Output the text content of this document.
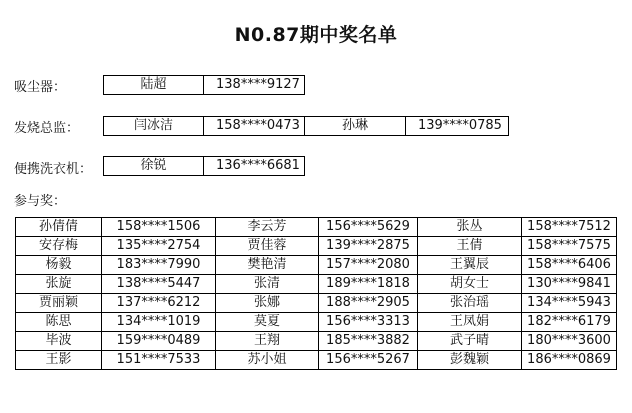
N0.87期中奖名单
吸尘器：	陆超	138****9127
发烧总监：	闫冰洁	158****0473	孙琳	139****0785
便携洗衣机：	徐锐	136****6681
参与奖：
孙倩倩	158****1506	李云芳	156****5629	张丛	158****7512
安存梅	135****2754	贾佳蓉	139****2875	王倩	158****7575
杨毅	183****7990	樊艳清	157****2080	王翼辰	158****6406
张旋	138****5447	张清	189****1818	胡女士	130****9841
贾丽颖	137****6212	张娜	188****2905	张治瑶	134****5943
陈思	134****1019	莫夏	156****3313	王凤娟	182****6179
毕波	159****0489	王翔	185****3882	武子晴	180****3600
王影	151****7533	苏小姐	156****5267	彭魏颖	186****0869
